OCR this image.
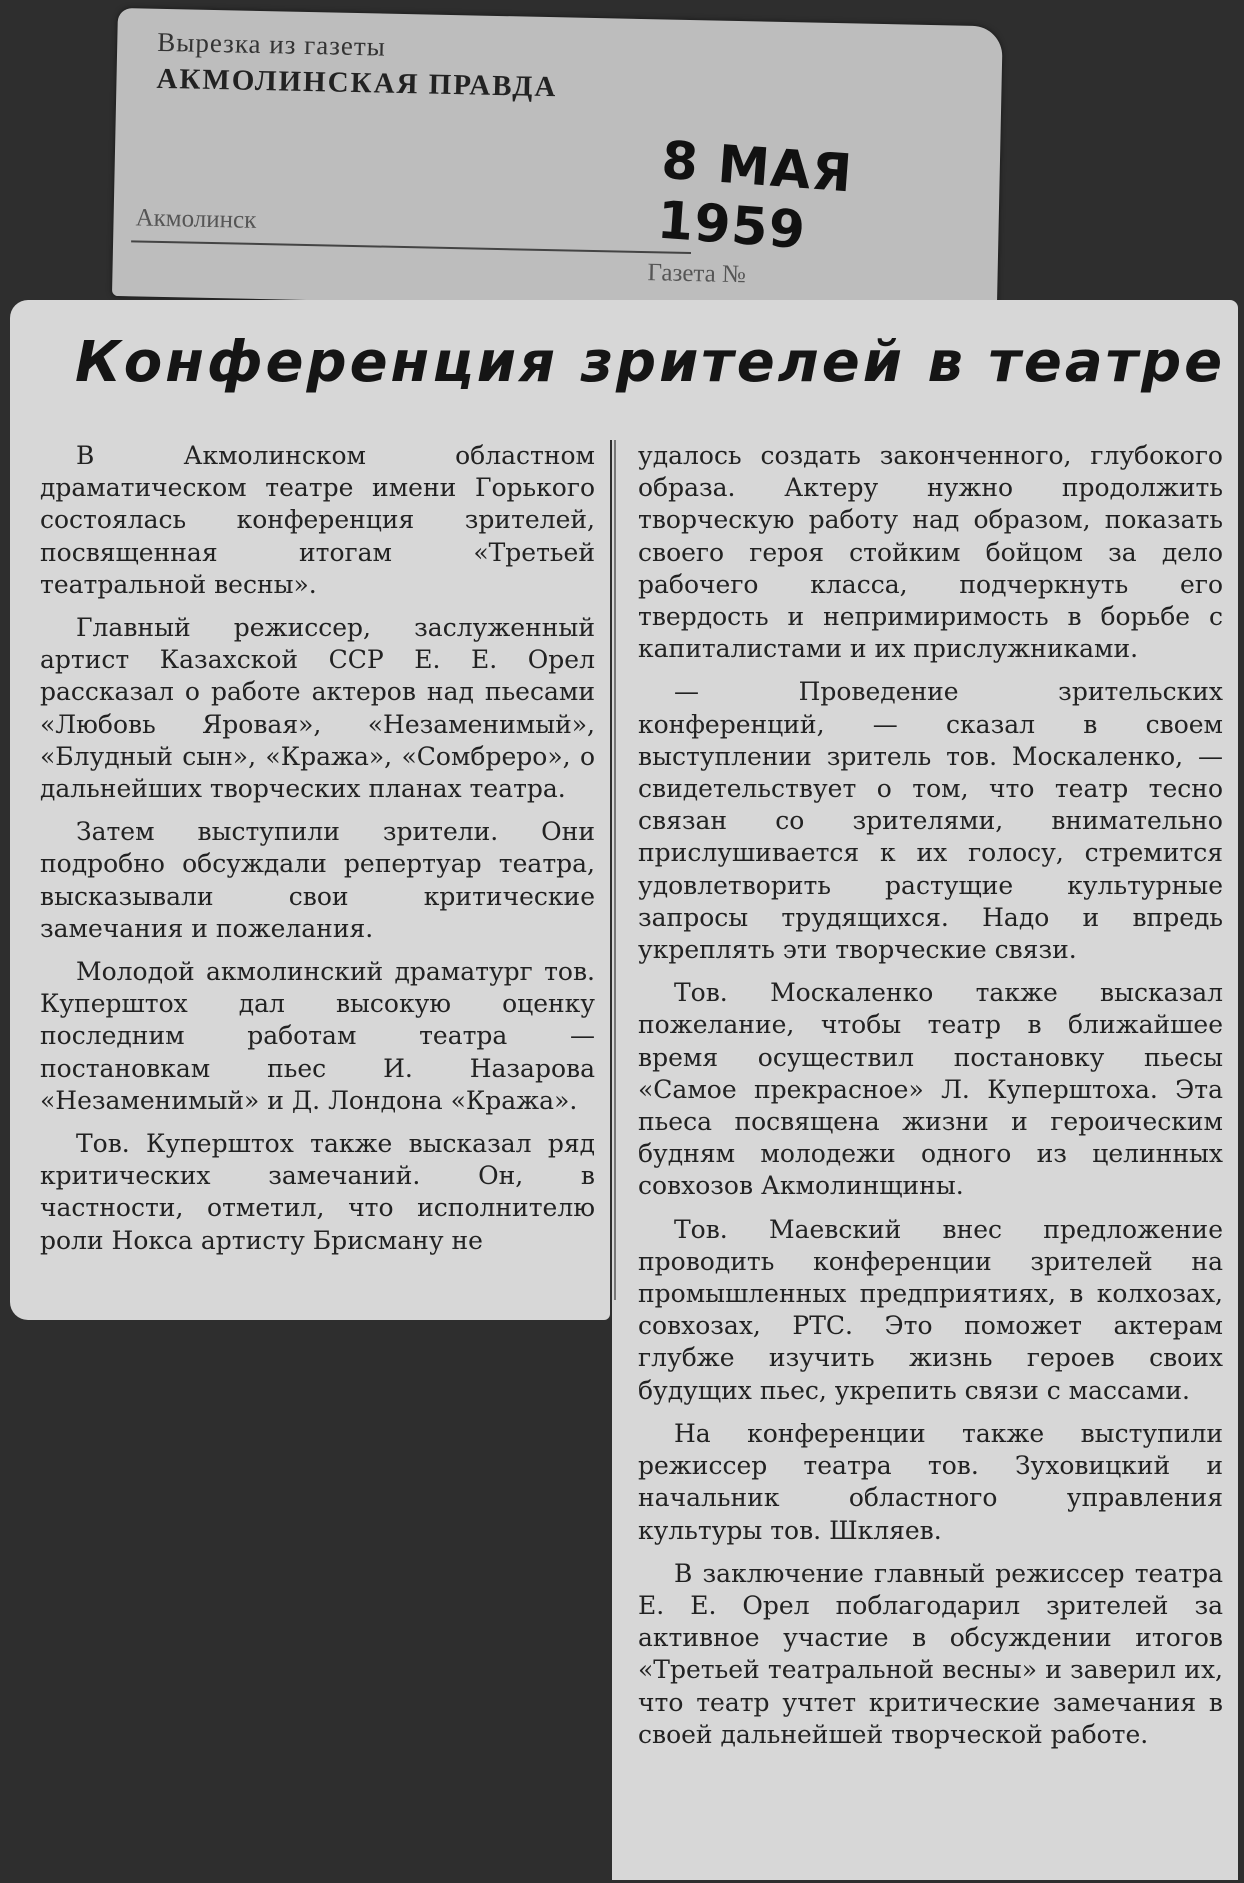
Вырезка из газеты
АКМОЛИНСКАЯ ПРАВДА
8 МАЯ 1959
Акмолинск
Газета №
Конференция зрителей в театре

В Акмолинском областном драматическом театре имени Горького состоялась конференция зрителей, посвященная итогам «Третьей театральной весны».

Главный режиссер, заслуженный артист Казахской ССР Е. Е. Орел рассказал о работе актеров над пьесами «Любовь Яровая», «Незаменимый», «Блудный сын», «Кража», «Сомбреро», о дальнейших творческих планах театра.

Затем выступили зрители. Они подробно обсуждали репертуар театра, высказывали свои критические замечания и пожелания.

Молодой акмолинский драматург тов. Куперштох дал высокую оценку последним работам театра — постановкам пьес И. Назарова «Незаменимый» и Д. Лондона «Кража».

Тов. Куперштох также высказал ряд критических замечаний. Он, в частности, отметил, что исполнителю роли Нокса артисту Брисману не

удалось создать законченного, глубокого образа. Актеру нужно продолжить творческую работу над образом, показать своего героя стойким бойцом за дело рабочего класса, подчеркнуть его твердость и непримиримость в борьбе с капиталистами и их прислужниками.

— Проведение зрительских конференций, — сказал в своем выступлении зритель тов. Москаленко, — свидетельствует о том, что театр тесно связан со зрителями, внимательно прислушивается к их голосу, стремится удовлетворить растущие культурные запросы трудящихся. Надо и впредь укреплять эти творческие связи.

Тов. Москаленко также высказал пожелание, чтобы театр в ближайшее время осуществил постановку пьесы «Самое прекрасное» Л. Куперштоха. Эта пьеса посвящена жизни и героическим будням молодежи одного из целинных совхозов Акмолинщины.

Тов. Маевский внес предложение проводить конференции зрителей на промышленных предприятиях, в колхозах, совхозах, РТС. Это поможет актерам глубже изучить жизнь героев своих будущих пьес, укрепить связи с массами.

На конференции также выступили режиссер театра тов. Зуховицкий и начальник областного управления культуры тов. Шкляев.

В заключение главный режиссер театра Е. Е. Орел поблагодарил зрителей за активное участие в обсуждении итогов «Третьей театральной весны» и заверил их, что театр учтет критические замечания в своей дальнейшей творческой работе.
